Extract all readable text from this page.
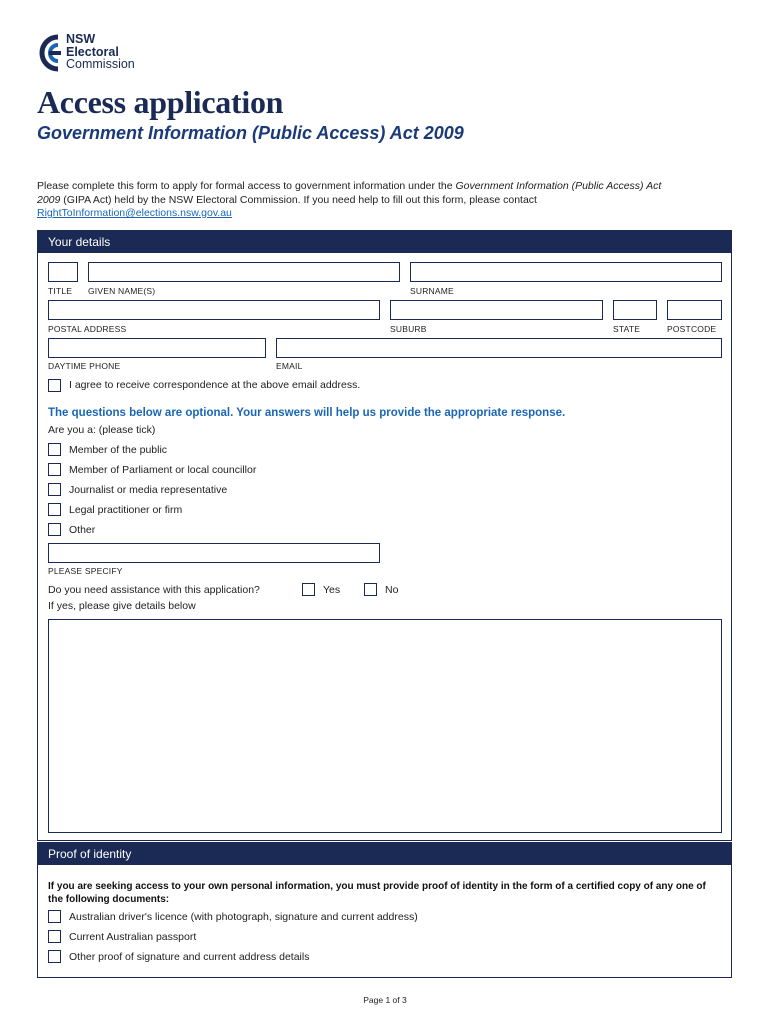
NSW
Electoral
Commission
Access application
Government Information (Public Access) Act 2009
Please complete this form to apply for formal access to government information under the Government Information (Public Access) Act 2009 (GIPA Act) held by the NSW Electoral Commission. If you need help to fill out this form, please contact
RightToInformation@elections.nsw.gov.au
Your details
TITLE GIVEN NAME(S)	SURNAME
POSTAL ADDRESS	SUBURB	STATE	POSTCODE
DAYTIME PHONE	EMAIL
I agree to receive correspondence at the above email address.
The questions below are optional. Your answers will help us provide the appropriate response.
Are you a: (please tick)
Member of the public
Member of Parliament or local councillor
Journalist or media representative
Legal practitioner or firm
Other
PLEASE SPECIFY
Do you need assistance with this application?	Yes	No
If yes, please give details below
Proof of identity
If you are seeking access to your own personal information, you must provide proof of identity in the form of a certified copy of any one of the following documents:
Australian driver's licence (with photograph, signature and current address)
Current Australian passport
Other proof of signature and current address details
Page 1 of 3
